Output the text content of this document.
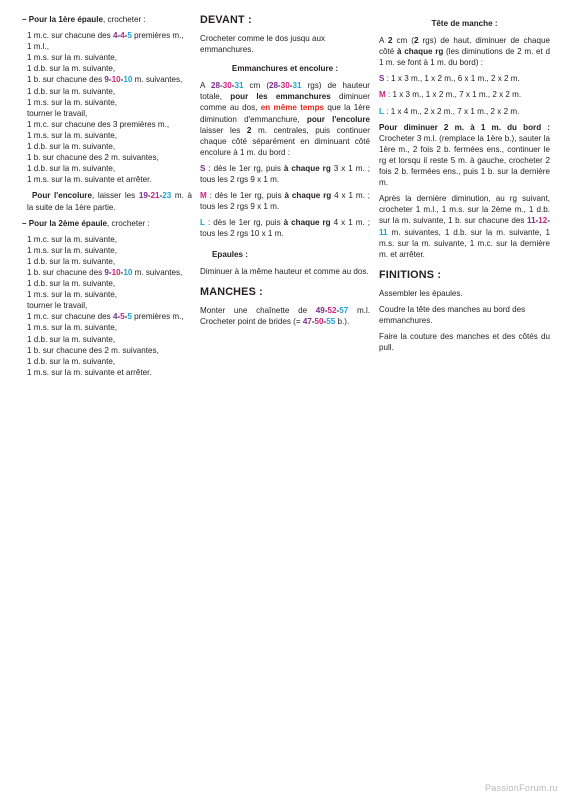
– Pour la 1ère épaule, crocheter :

1 m.c. sur chacune des 4-4-5 premières m.,
1 m.l.,
1 m.s. sur la m. suivante,
1 d.b. sur la m. suivante,
1 b. sur chacune des 9-10-10 m. suivantes,
1 d.b. sur la m. suivante,
1 m.s. sur la m. suivante,
tourner le travail,
1 m.c. sur chacune des 3 premières m.,
1 m.s. sur la m. suivante,
1 d.b. sur la m. suivante,
1 b. sur chacune des 2 m. suivantes,
1 d.b. sur la m. suivante,
1 m.s. sur la m. suivante et arrêter.

Pour l'encolure, laisser les 19-21-23 m. à la suite de la 1ère partie.

– Pour la 2ème épaule, crocheter :

1 m.c. sur la m. suivante,
1 m.s. sur la m. suivante,
1 d.b. sur la m. suivante,
1 b. sur chacune des 9-10-10 m. suivantes,
1 d.b. sur la m. suivante,
1 m.s. sur la m. suivante,
tourner le travail,
1 m.c. sur chacune des 4-5-5 premières m.,
1 m.s. sur la m. suivante,
1 d.b. sur la m. suivante,
1 b. sur chacune des 2 m. suivantes,
1 d.b. sur la m. suivante,
1 m.s. sur la m. suivante et arrêter.
DEVANT :

Crocheter comme le dos jusqu aux emmanchures.

Emmanchures et encolure :

A 28-30-31 cm (28-30-31 rgs) de hauteur totale, pour les emmanchures diminuer comme au dos, en même temps que la 1ère diminution d'emmanchure, pour l'encolure laisser les 2 m. centrales, puis continuer chaque côté séparément en diminuant côté encolure à 1 m. du bord :

S : dès le 1er rg, puis à chaque rg 3 x 1 m. ; tous les 2 rgs 9 x 1 m.

M : dès le 1er rg, puis à chaque rg 4 x 1 m. ; tous les 2 rgs 9 x 1 m.

L : dès le 1er rg, puis à chaque rg 4 x 1 m. ; tous les 2 rgs 10 x 1 m.

Epaules :

Diminuer à la même hauteur et comme au dos.

MANCHES :

Monter une chaînette de 49-52-57 m.l. Crocheter point de brides (= 47-50-55 b.).

Tête de manche :

A 2 cm (2 rgs) de haut, diminuer de chaque côté à chaque rg (les diminutions de 2 m. et d 1 m. se font à 1 m. du bord) :

S : 1 x 3 m., 1 x 2 m., 6 x 1 m., 2 x 2 m.

M : 1 x 3 m., 1 x 2 m., 7 x 1 m., 2 x 2 m.

L : 1 x 4 m., 2 x 2 m., 7 x 1 m., 2 x 2 m.

Pour diminuer 2 m. à 1 m. du bord : Crocheter 3 m.l. (remplace la 1ère b.), sauter la 1ère m., 2 fois 2 b. fermées ens., continuer le rg et lorsqu il reste 5 m. à gauche, crocheter 2 fois 2 b. fermées ens., puis 1 b. sur la dernière m.

Après la dernière diminution, au rg suivant, crocheter 1 m.l., 1 m.s. sur la 2ème m., 1 d.b. sur la m. suivante, 1 b. sur chacune des 11-12-11 m. suivantes, 1 d.b. sur la m. suivante, 1 m.s. sur la m. suivante, 1 m.c. sur la dernière m. et arrêter.

FINITIONS :

Assembler les épaules.

Coudre la tête des manches au bord des emmanchures.

Faire la couture des manches et des côtés du pull.

PassionForum.ru
